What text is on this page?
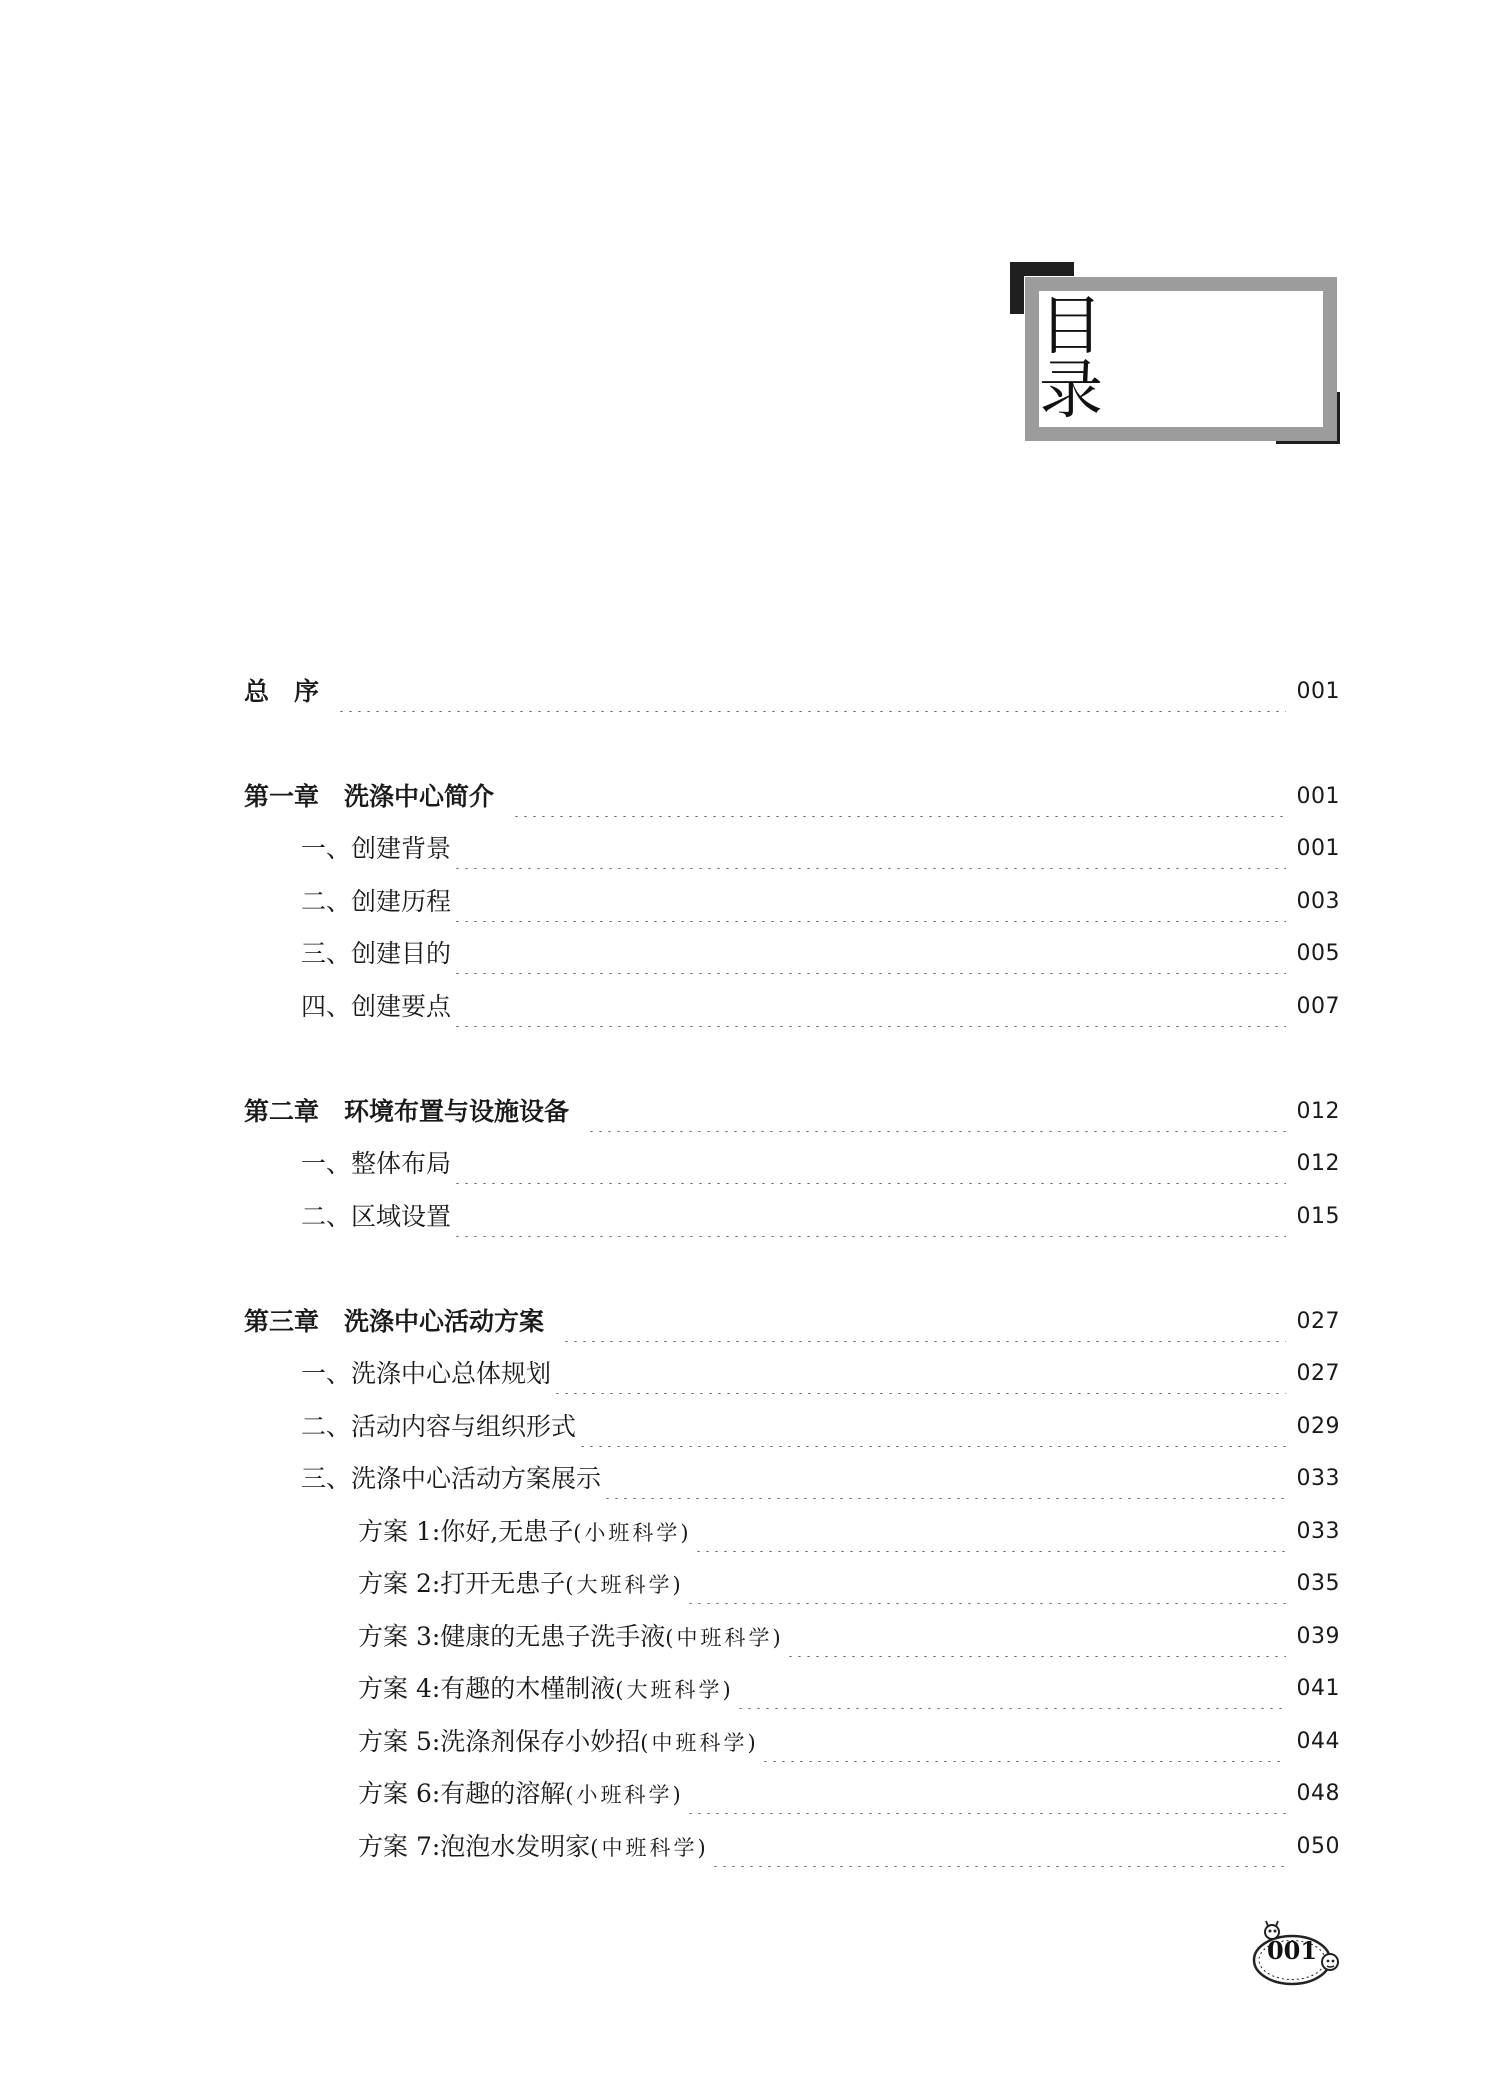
目 录
总　序	001
第一章　洗涤中心简介	001
一、创建背景	001
二、创建历程	003
三、创建目的	005
四、创建要点	007
第二章　环境布置与设施设备	012
一、整体布局	012
二、区域设置	015
第三章　洗涤中心活动方案	027
一、洗涤中心总体规划	027
二、活动内容与组织形式	029
三、洗涤中心活动方案展示	033
方案 1:你好,无患子(小班科学)	033
方案 2:打开无患子(大班科学)	035
方案 3:健康的无患子洗手液(中班科学)	039
方案 4:有趣的木槿制液(大班科学)	041
方案 5:洗涤剂保存小妙招(中班科学)	044
方案 6:有趣的溶解(小班科学)	048
方案 7:泡泡水发明家(中班科学)	050
001
